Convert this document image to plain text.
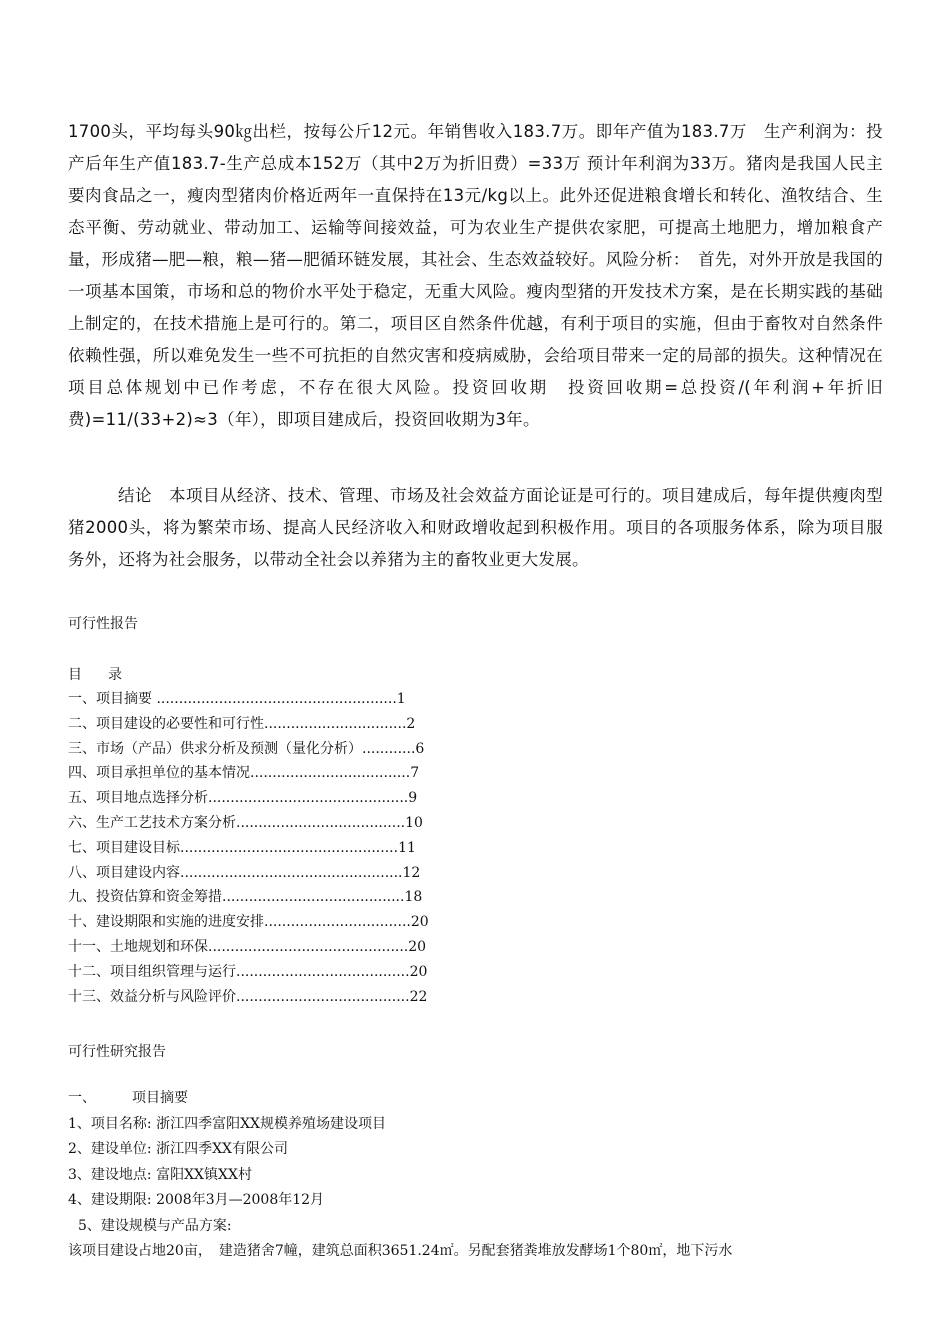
1700头，平均每头90㎏出栏，按每公斤12元。年销售收入183.7万。即年产值为183.7万　生产利润为：投产后年生产值183.7-生产总成本152万（其中2万为折旧费）=33万 预计年利润为33万。猪肉是我国人民主要肉食品之一，瘦肉型猪肉价格近两年一直保持在13元/kg以上。此外还促进粮食增长和转化、渔牧结合、生态平衡、劳动就业、带动加工、运输等间接效益，可为农业生产提供农家肥，可提高土地肥力，增加粮食产量，形成猪—肥—粮，粮—猪—肥循环链发展，其社会、生态效益较好。风险分析：　首先，对外开放是我国的一项基本国策，市场和总的物价水平处于稳定，无重大风险。瘦肉型猪的开发技术方案，是在长期实践的基础上制定的，在技术措施上是可行的。第二，项目区自然条件优越，有利于项目的实施，但由于畜牧对自然条件依赖性强，所以难免发生一些不可抗拒的自然灾害和疫病威胁，会给项目带来一定的局部的损失。这种情况在项目总体规划中已作考虑，不存在很大风险。投资回收期　投资回收期=总投资/(年利润+年折旧费)=11/(33+2)≈3（年），即项目建成后，投资回收期为3年。

结论　本项目从经济、技术、管理、市场及社会效益方面论证是可行的。项目建成后，每年提供瘦肉型猪2000头，将为繁荣市场、提高人民经济收入和财政增收起到积极作用。项目的各项服务体系，除为项目服务外，还将为社会服务，以带动全社会以养猪为主的畜牧业更大发展。

可行性报告

目 录
一、项目摘要 ......................................................1
二、项目建设的必要性和可行性................................2
三、市场（产品）供求分析及预测（量化分析）............6
四、项目承担单位的基本情况....................................7
五、项目地点选择分析.............................................9
六、生产工艺技术方案分析......................................10
七、项目建设目标.................................................11
八、项目建设内容..................................................12
九、投资估算和资金筹措.........................................18
十、建设期限和实施的进度安排.................................20
十一、土地规划和环保.............................................20
十二、项目组织管理与运行.......................................20
十三、效益分析与风险评价.......................................22

可行性研究报告

一、	项目摘要
1、项目名称: 浙江四季富阳XX规模养殖场建设项目
2、建设单位: 浙江四季XX有限公司
3、建设地点: 富阳XX镇XX村
4、建设期限: 2008年3月—2008年12月
5、建设规模与产品方案:
该项目建设占地20亩，　建造猪舍7幢，建筑总面积3651.24㎡。另配套猪粪堆放发酵场1个80㎡，地下污水
